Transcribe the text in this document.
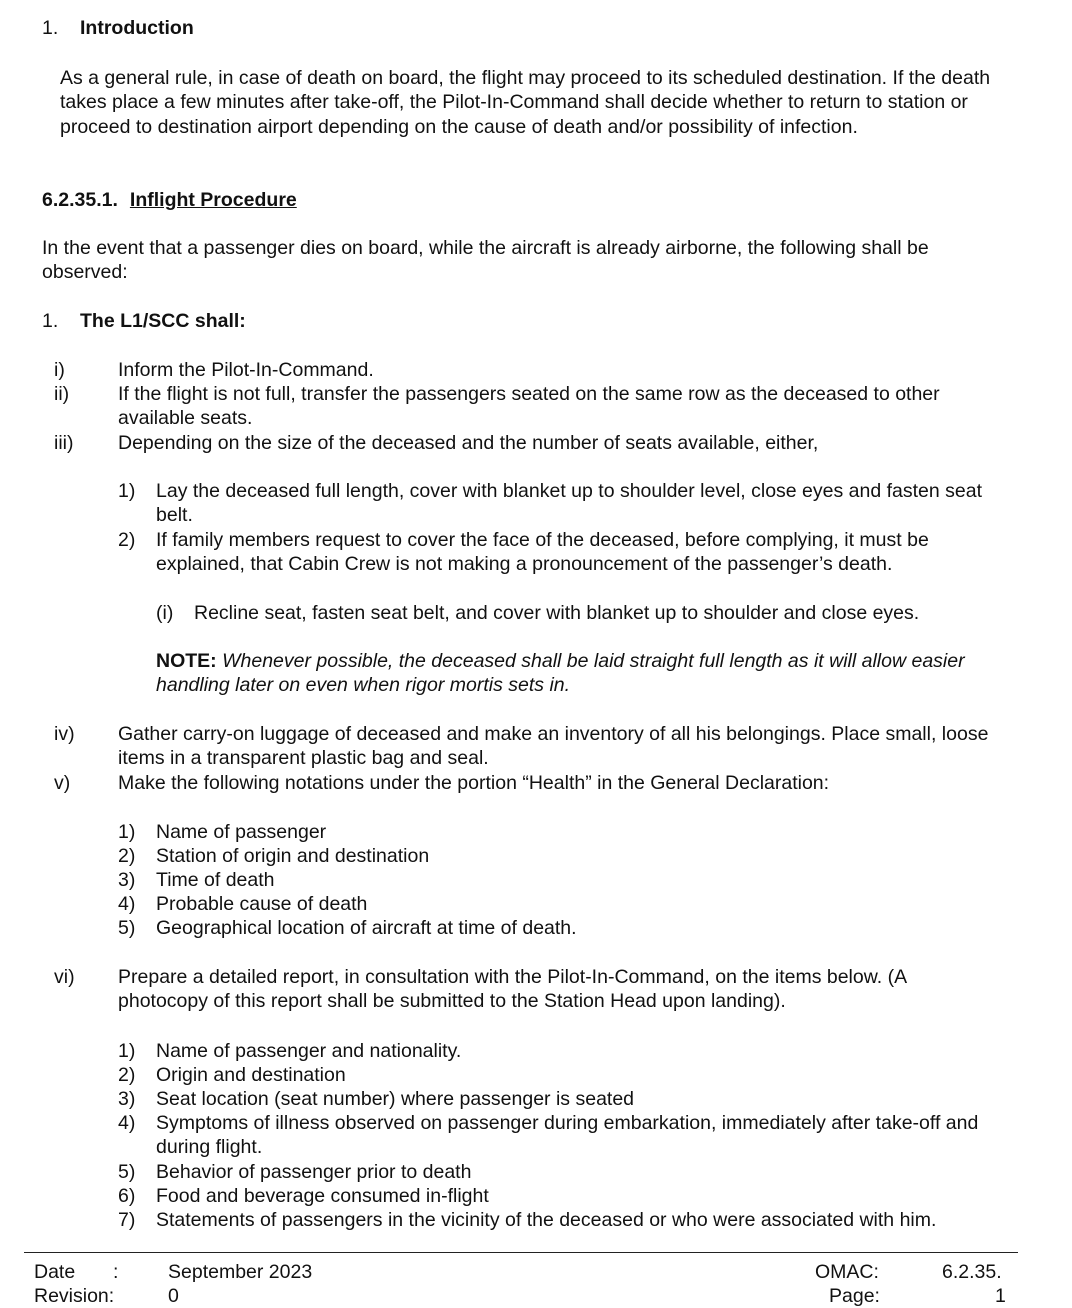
1. Introduction

As a general rule, in case of death on board, the flight may proceed to its scheduled destination. If the death takes place a few minutes after take-off, the Pilot-In-Command shall decide whether to return to station or proceed to destination airport depending on the cause of death and/or possibility of infection.

6.2.35.1. Inflight Procedure

In the event that a passenger dies on board, while the aircraft is already airborne, the following shall be observed:

1. The L1/SCC shall:
i)	Inform the Pilot-In-Command.
ii)	If the flight is not full, transfer the passengers seated on the same row as the deceased to other available seats.
iii)	Depending on the size of the deceased and the number of seats available, either,
1)	Lay the deceased full length, cover with blanket up to shoulder level, close eyes and fasten seat belt.
2)	If family members request to cover the face of the deceased, before complying, it must be explained, that Cabin Crew is not making a pronouncement of the passenger’s death.
(i)	Recline seat, fasten seat belt, and cover with blanket up to shoulder and close eyes.

NOTE: Whenever possible, the deceased shall be laid straight full length as it will allow easier handling later on even when rigor mortis sets in.

iv)	Gather carry-on luggage of deceased and make an inventory of all his belongings. Place small, loose items in a transparent plastic bag and seal.
v)	Make the following notations under the portion “Health” in the General Declaration:
1)	Name of passenger
2)	Station of origin and destination
3)	Time of death
4)	Probable cause of death
5)	Geographical location of aircraft at time of death.
vi)	Prepare a detailed report, in consultation with the Pilot-In-Command, on the items below. (A photocopy of this report shall be submitted to the Station Head upon landing).
1)	Name of passenger and nationality.
2)	Origin and destination
3)	Seat location (seat number) where passenger is seated
4)	Symptoms of illness observed on passenger during embarkation, immediately after take-off and during flight.
5)	Behavior of passenger prior to death
6)	Food and beverage consumed in-flight
7)	Statements of passengers in the vicinity of the deceased or who were associated with him.
Date :	September 2023	OMAC:	6.2.35.
Revision:	0	Page:	1
